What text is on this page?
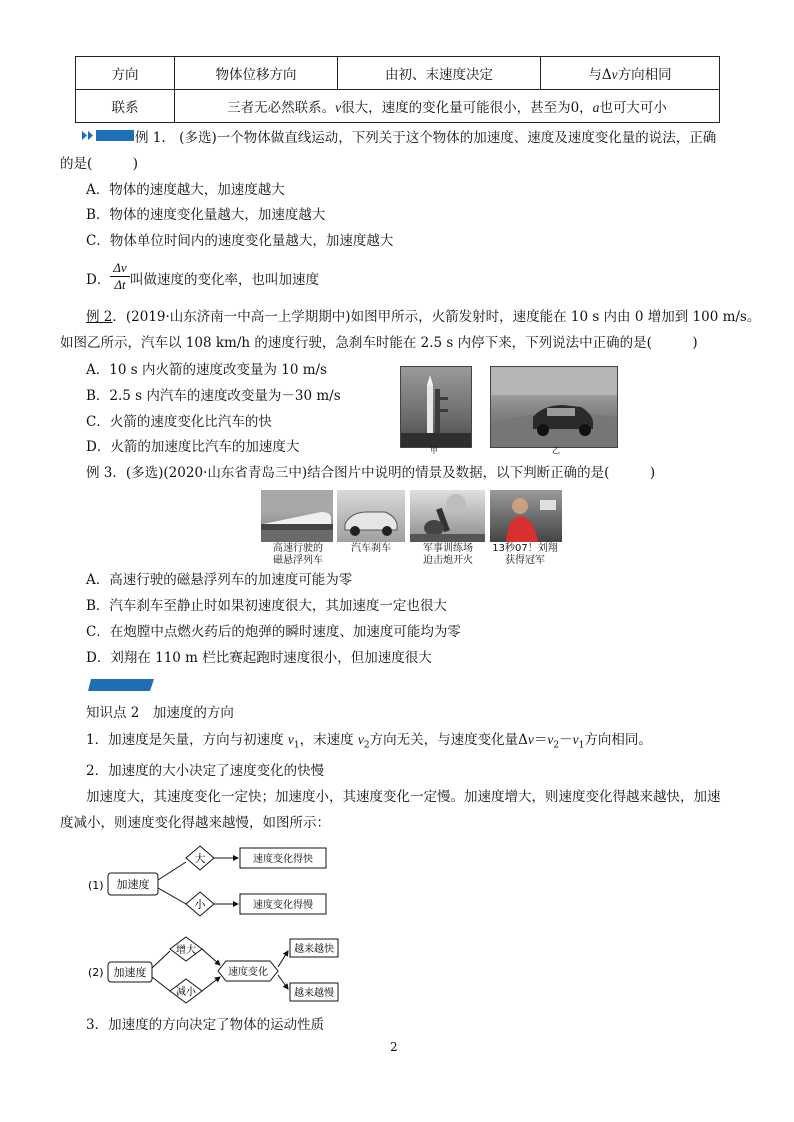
方向	物体位移方向	由初、末速度决定	与Δv方向相同
联系	三者无必然联系。v很大，速度的变化量可能很小，甚至为0，a也可大可小		
例 1.　(多选)一个物体做直线运动，下列关于这个物体的加速度、速度及速度变化量的说法，正确
的是(　　　)
A．物体的速度越大，加速度越大
B．物体的速度变化量越大，加速度越大
C．物体单位时间内的速度变化量越大，加速度越大
D． $\frac{\Delta v}{\Delta t}$ 叫做速度的变化率，也叫加速度
例 2．(2019·山东济南一中高一上学期期中)如图甲所示，火箭发射时，速度能在 10 s 内由 0 增加到 100 m/s。
如图乙所示，汽车以 108 km/h 的速度行驶，急刹车时能在 2.5 s 内停下来，下列说法中正确的是(　　　)
A．10 s 内火箭的速度改变量为 10 m/s
B．2.5 s 内汽车的速度改变量为－30 m/s
C．火箭的速度变化比汽车的快
D．火箭的加速度比汽车的加速度大	甲	乙
例 3．(多选)(2020·山东省青岛三中)结合图片中说明的情景及数据，以下判断正确的是(　　　)
高速行驶的
磁悬浮列车
汽车刹车	军事训练场
迫击炮开火
13秒07！刘翔
获得冠军
A．高速行驶的磁悬浮列车的加速度可能为零
B．汽车刹车至静止时如果初速度很大，其加速度一定也很大
C．在炮膛中点燃火药后的炮弹的瞬时速度、加速度可能均为零
D．刘翔在 110 m 栏比赛起跑时速度很小，但加速度很大
知识点 2　加速度的方向
1．加速度是矢量，方向与初速度 $v_1$，末速度 $v_2$方向无关，与速度变化量$\Delta v=v_2-v_1$方向相同。
2．加速度的大小决定了速度变化的快慢
加速度大，其速度变化一定快；加速度小，其速度变化一定慢。加速度增大，则速度变化得越来越快，加速
度减小，则速度变化得越来越慢，如图所示：
(1) 加速度
大
小
速度变化得快
速度变化得慢
(2) 加速度
增大
减小
速度变化
越来越快
越来越慢
3．加速度的方向决定了物体的运动性质
2
